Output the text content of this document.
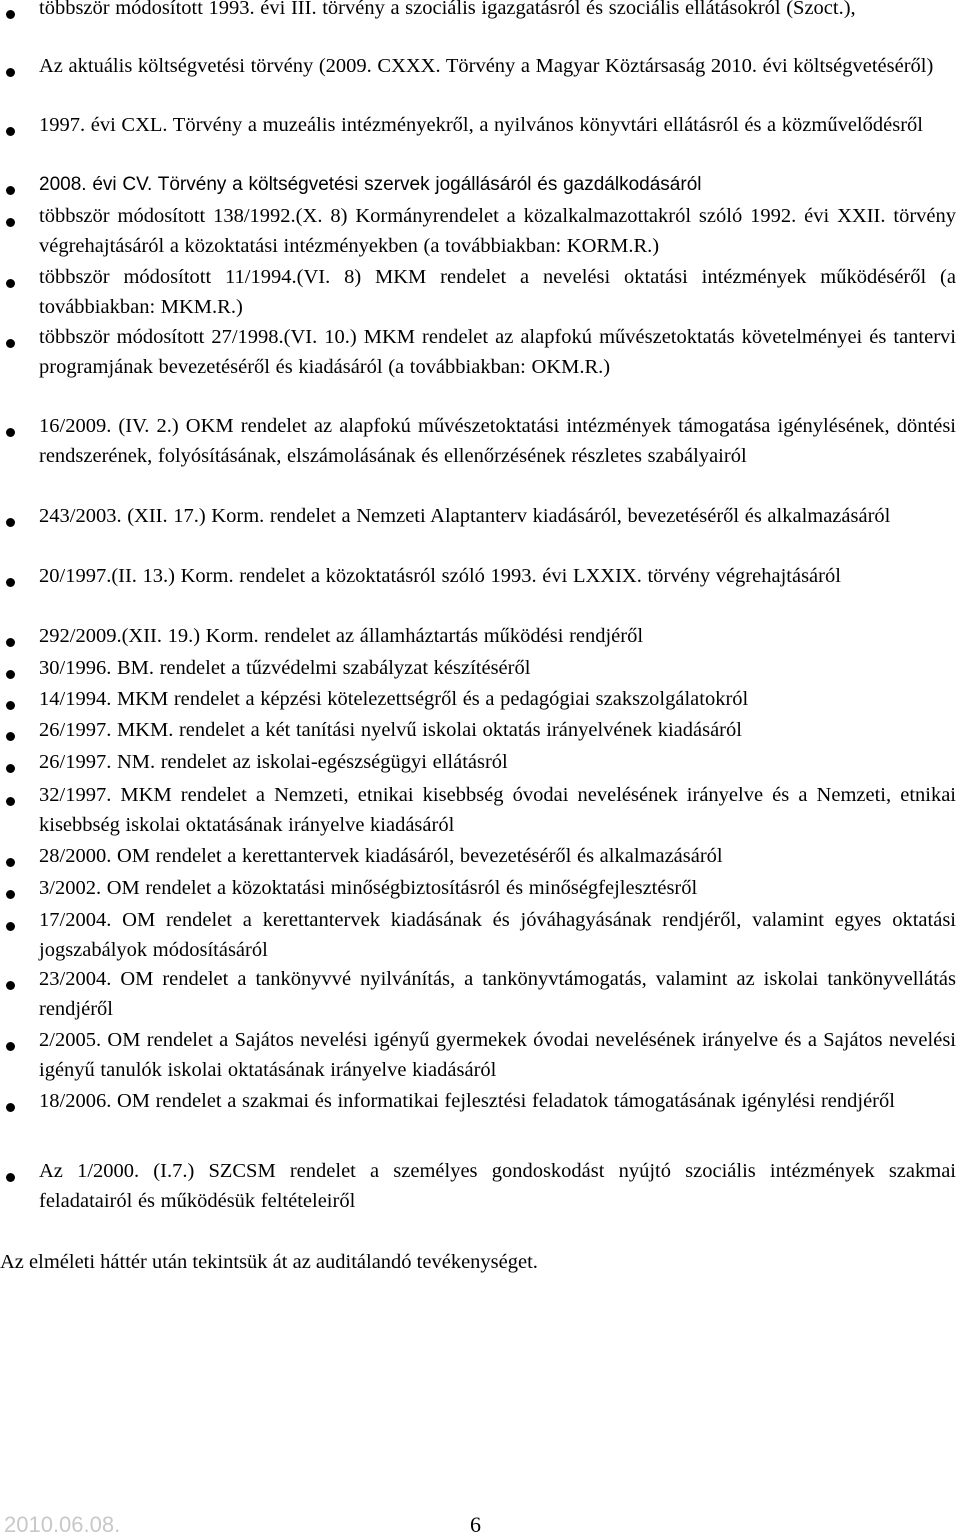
többször módosított 1993. évi III. törvény a szociális igazgatásról és szociális ellátásokról (Szoct.),
Az aktuális költségvetési törvény (2009. CXXX. Törvény a Magyar Köztársaság 2010. évi költségvetéséről)
1997. évi CXL. Törvény a muzeális intézményekről, a nyilvános könyvtári ellátásról és a közművelődésről
2008. évi CV. Törvény a költségvetési szervek jogállásáról és gazdálkodásáról
többször módosított 138/1992.(X. 8) Kormányrendelet a közalkalmazottakról szóló 1992. évi XXII. törvény végrehajtásáról a közoktatási intézményekben (a továbbiakban: KORM.R.)
többször módosított 11/1994.(VI. 8) MKM rendelet a nevelési oktatási intézmények működéséről (a továbbiakban: MKM.R.)
többször módosított 27/1998.(VI. 10.) MKM rendelet az alapfokú művészetoktatás követelményei és tantervi programjának bevezetéséről és kiadásáról (a továbbiakban: OKM.R.)
16/2009. (IV. 2.) OKM rendelet az alapfokú művészetoktatási intézmények támogatása igénylésének, döntési rendszerének, folyósításának, elszámolásának és ellenőrzésének részletes szabályairól
243/2003. (XII. 17.) Korm. rendelet a Nemzeti Alaptanterv kiadásáról, bevezetéséről és alkalmazásáról
20/1997.(II. 13.) Korm. rendelet a közoktatásról szóló 1993. évi LXXIX. törvény végrehajtásáról
292/2009.(XII. 19.) Korm. rendelet az államháztartás működési rendjéről
30/1996. BM. rendelet a tűzvédelmi szabályzat készítéséről
14/1994. MKM rendelet a képzési kötelezettségről és a pedagógiai szakszolgálatokról
26/1997. MKM. rendelet a két tanítási nyelvű iskolai oktatás irányelvének kiadásáról
26/1997. NM. rendelet az iskolai-egészségügyi ellátásról
32/1997. MKM rendelet a Nemzeti, etnikai kisebbség óvodai nevelésének irányelve és a Nemzeti, etnikai kisebbség iskolai oktatásának irányelve kiadásáról
28/2000. OM rendelet a kerettantervek kiadásáról, bevezetéséről és alkalmazásáról
3/2002. OM rendelet a közoktatási minőségbiztosításról és minőségfejlesztésről
17/2004. OM rendelet a kerettantervek kiadásának és jóváhagyásának rendjéről, valamint egyes oktatási jogszabályok módosításáról
23/2004. OM rendelet a tankönyvvé nyilvánítás, a tankönyvtámogatás, valamint az iskolai tankönyvellátás rendjéről
2/2005. OM rendelet a Sajátos nevelési igényű gyermekek óvodai nevelésének irányelve és a Sajátos nevelési igényű tanulók iskolai oktatásának irányelve kiadásáról
18/2006. OM rendelet a szakmai és informatikai fejlesztési feladatok támogatásának igénylési rendjéről
Az 1/2000. (I.7.) SZCSM rendelet a személyes gondoskodást nyújtó szociális intézmények szakmai feladatairól és működésük feltételeiről
Az elméleti háttér után tekintsük át az auditálandó tevékenységet.
2010.06.08.	6
